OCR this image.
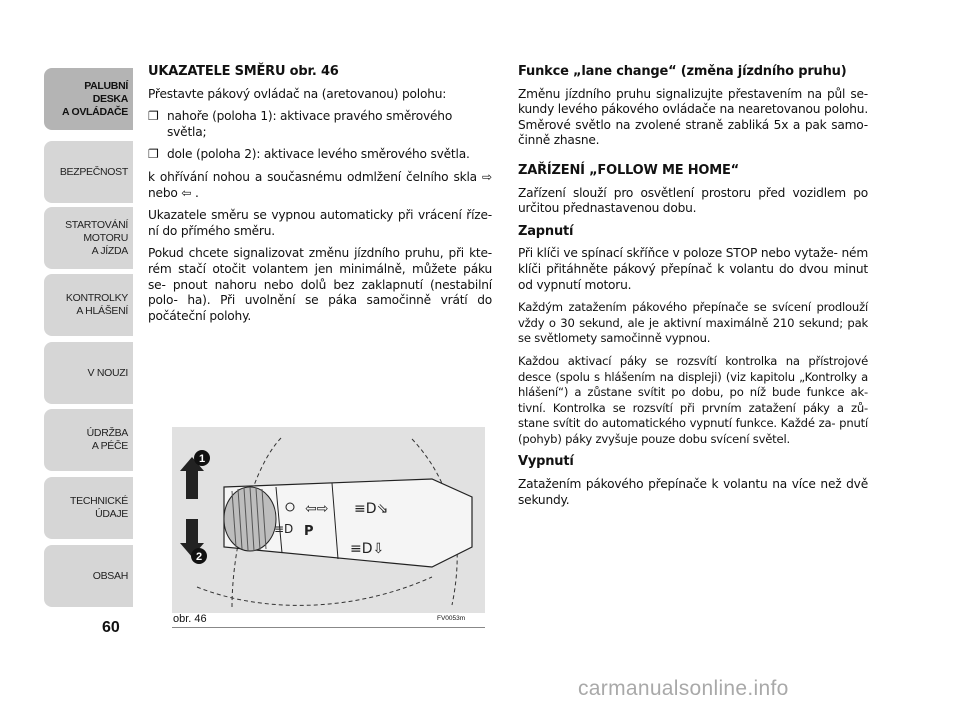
PALUBNÍ DESKA
A OVLÁDAČE
BEZPEČNOST
STARTOVÁNÍ
MOTORU
A JÍZDA
KONTROLKY
A HLÁŠENÍ
V NOUZI
ÚDRŽBA
A PÉČE
TECHNICKÉ
ÚDAJE
OBSAH
60
UKAZATELE SMĚRU obr. 46

Přestavte pákový ovládač na (aretovanou) polohu:

❐ nahoře (poloha 1): aktivace pravého směrového světla;
❐ dole (poloha 2): aktivace levého směrového světla.

k ohřívání nohou a současnému odmlžení čelního skla ⇨ nebo ⇦ .

Ukazatele směru se vypnou automaticky při vrácení říze- ní do přímého směru.

Pokud chcete signalizovat změnu jízdního pruhu, při kte- rém stačí otočit volantem jen minimálně, můžete páku se- pnout nahoru nebo dolů bez zaklapnutí (nestabilní polo- ha). Při uvolnění se páka samočinně vrátí do počáteční polohy.

Funkce „lane change“ (změna jízdního pruhu)

Změnu jízdního pruhu signalizujte přestavením na půl se- kundy levého pákového ovládače na nearetovanou polohu. Směrové světlo na zvolené straně zabliká 5x a pak samo- činně zhasne.

ZAŘÍZENÍ „FOLLOW ME HOME“

Zařízení slouží pro osvětlení prostoru před vozidlem po určitou přednastavenou dobu.

Zapnutí

Při klíči ve spínací skříňce v poloze STOP nebo vytaže- ném klíči přitáhněte pákový přepínač k volantu do dvou minut od vypnutí motoru.

Každým zatažením pákového přepínače se svícení prodlouží vždy o 30 sekund, ale je aktivní maximálně 210 sekund; pak se světlomety samočinně vypnou.

Každou aktivací páky se rozsvítí kontrolka na přístrojové desce (spolu s hlášením na displeji) (viz kapitolu „Kontrolky a hlášení“) a zůstane svítit po dobu, po níž bude funkce ak- tivní. Kontrolka se rozsvítí při prvním zatažení páky a zů- stane svítit do automatického vypnutí funkce. Každé za- pnutí (pohyb) páky zvyšuje pouze dobu svícení světel.

Vypnutí

Zatažením pákového přepínače k volantu na více než dvě sekundy.

⇦⇨
P
≡D
≡D⇘
≡D⇩
1
2
obr. 46	FV0053m
carmanualsonline.info
